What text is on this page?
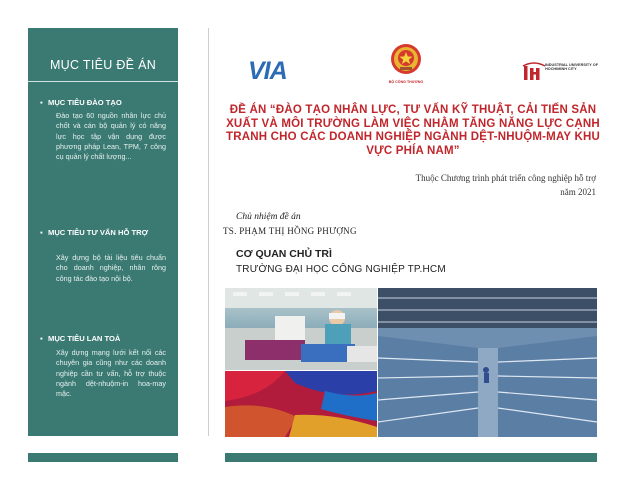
MỤC TIÊU ĐỀ ÁN
▪ MỤC TIÊU ĐÀO TẠO
Đào tạo 60 nguồn nhân lực chủ chốt và cán bộ quản lý có năng lực học tập vận dụng được phương pháp Lean, TPM, 7 công cụ quản lý chất lượng...
▪ MỤC TIÊU TƯ VẤN HỖ TRỢ
Xây dựng bộ tài liệu tiêu chuẩn cho doanh nghiệp, nhân rông công tác đào tạo nội bộ.
▪ MỤC TIÊU LAN TOẢ
Xây dựng mạng lưới kết nối các chuyên gia cũng như các doanh nghiệp cần tư vấn, hỗ trợ thuộc ngành dệt-nhuộm-in hoa-may mặc.
VIA	BỘ CÔNG THƯƠNG
INDUSTRIAL UNIVERSITY OF HOCHIMINH CITY
ĐỀ ÁN “ĐÀO TẠO NHÂN LỰC, TƯ VẤN KỸ THUẬT, CẢI TIẾN SẢN XUẤT VÀ MÔI TRƯỜNG LÀM VIỆC NHẰM TĂNG NĂNG LỰC CẠNH TRANH CHO CÁC DOANH NGHIỆP NGÀNH DỆT-NHUỘM-MAY KHU VỰC PHÍA NAM”
Thuộc Chương trình phát triển công nghiệp hỗ trợ
năm 2021
Chủ nhiệm đề án
TS. PHẠM THỊ HỒNG PHƯỢNG
CƠ QUAN CHỦ TRÌ
TRƯỜNG ĐẠI HỌC CÔNG NGHIỆP TP.HCM
